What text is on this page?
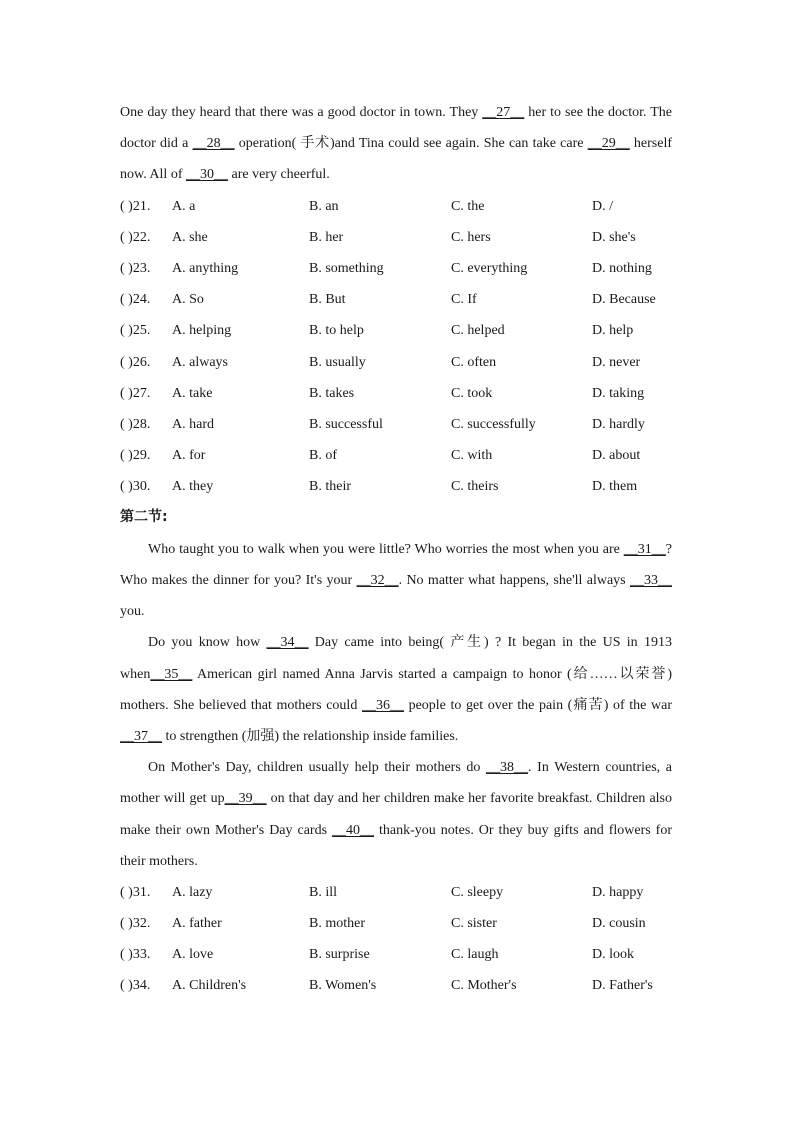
One day they heard that there was a good doctor in town. They __27__ her to see the doctor. The doctor did a __28__ operation( 手术)and Tina could see again. She can take care __29__ herself now. All of __30__ are very cheerful.

( )21. A. a	B. an	C. the	D. /
( )22. A. she	B. her	C. hers	D. she's
( )23. A. anything	B. something	C. everything	D. nothing
( )24. A. So	B. But	C. If	D. Because
( )25. A. helping	B. to help	C. helped	D. help
( )26. A. always	B. usually	C. often	D. never
( )27. A. take	B. takes	C. took	D. taking
( )28. A. hard	B. successful	C. successfully	D. hardly
( )29. A. for	B. of	C. with	D. about
( )30. A. they	B. their	C. theirs	D. them

第二节:

Who taught you to walk when you were little? Who worries the most when you are __31__? Who makes the dinner for you? It's your __32__. No matter what happens, she'll always __33__ you.

Do you know how __34__ Day came into being( 产生) ? It began in the US in 1913 when__35__ American girl named Anna Jarvis started a campaign to honor (给……以荣誉) mothers. She believed that mothers could __36__ people to get over the pain (痛苦) of the war __37__ to strengthen (加强) the relationship inside families.

On Mother's Day, children usually help their mothers do __38__. In Western countries, a mother will get up__39__ on that day and her children make her favorite breakfast. Children also make their own Mother's Day cards __40__ thank-you notes. Or they buy gifts and flowers for their mothers.

( )31. A. lazy	B. ill	C. sleepy	D. happy
( )32. A. father	B. mother	C. sister	D. cousin
( )33. A. love	B. surprise	C. laugh	D. look
( )34. A. Children's	B. Women's	C. Mother's	D. Father's
